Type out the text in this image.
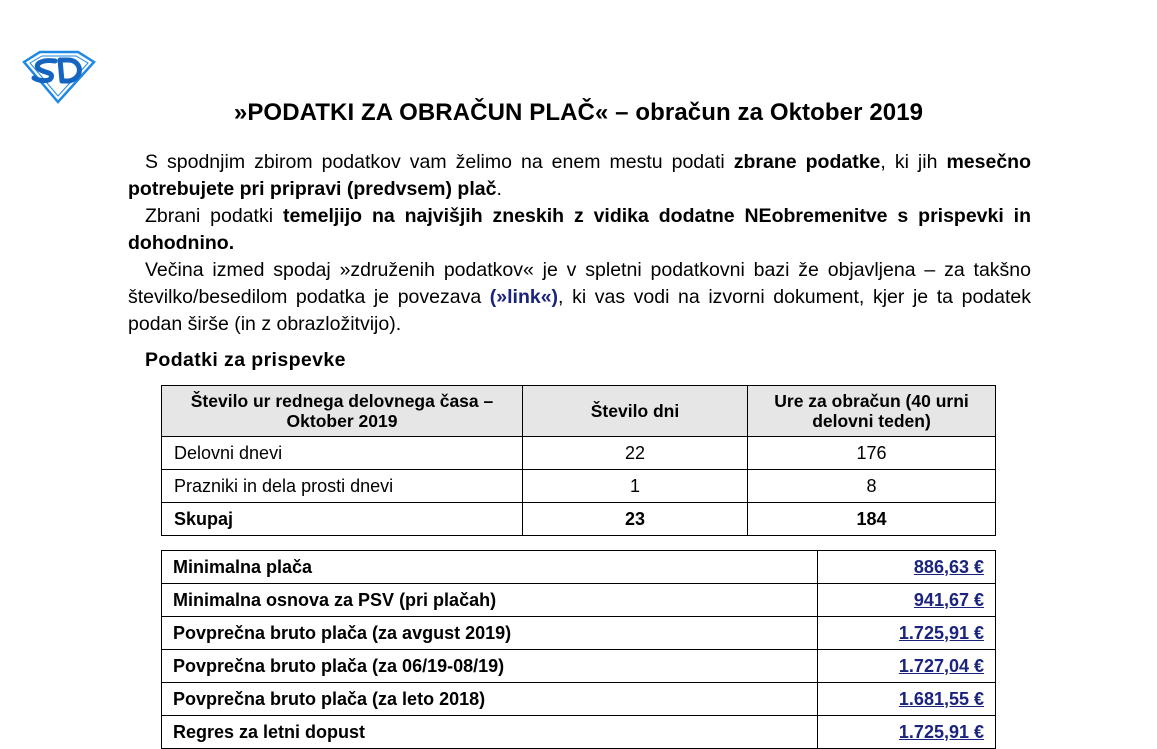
»PODATKI ZA OBRAČUN PLAČ« – obračun za Oktober 2019

S spodnjim zbirom podatkov vam želimo na enem mestu podati zbrane podatke, ki jih mesečno potrebujete pri pripravi (predvsem) plač.

Zbrani podatki temeljijo na najvišjih zneskih z vidika dodatne NEobremenitve s prispevki in dohodnino.

Večina izmed spodaj »združenih podatkov« je v spletni podatkovni bazi že objavljena – za takšno številko/besedilom podatka je povezava (»link«), ki vas vodi na izvorni dokument, kjer je ta podatek podan širše (in z obrazložitvijo).

Podatki za prispevke
Število ur rednega delovnega časa – Oktober 2019	Število dni	Ure za obračun (40 urni delovni teden)
Delovni dnevi	22	176
Prazniki in dela prosti dnevi	1	8
Skupaj	23	184
Minimalna plača	886,63 €
Minimalna osnova za PSV (pri plačah)	941,67 €
Povprečna bruto plača (za avgust 2019)	1.725,91 €
Povprečna bruto plača (za 06/19-08/19)	1.727,04 €
Povprečna bruto plača (za leto 2018)	1.681,55 €
Regres za letni dopust	1.725,91 €
